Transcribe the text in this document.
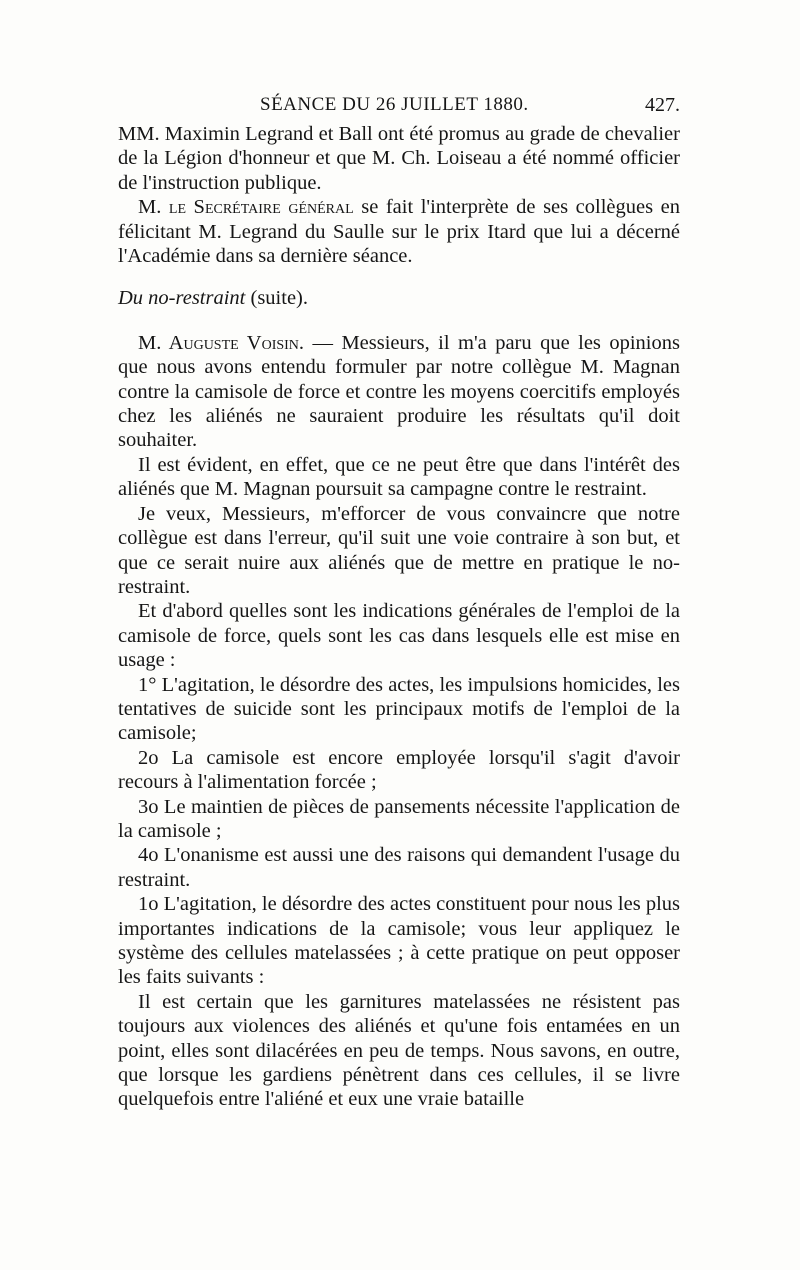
SÉANCE DU 26 JUILLET 1880.	427.

MM. Maximin Legrand et Ball ont été promus au grade de chevalier de la Légion d'honneur et que M. Ch. Loiseau a été nommé officier de l'instruction publique.

M. le Secrétaire général se fait l'interprète de ses collègues en félicitant M. Legrand du Saulle sur le prix Itard que lui a décerné l'Académie dans sa dernière séance.

Du no-restraint (suite).

M. Auguste Voisin. — Messieurs, il m'a paru que les opinions que nous avons entendu formuler par notre collègue M. Magnan contre la camisole de force et contre les moyens coercitifs employés chez les aliénés ne sauraient produire les résultats qu'il doit souhaiter.

Il est évident, en effet, que ce ne peut être que dans l'intérêt des aliénés que M. Magnan poursuit sa campagne contre le restraint.

Je veux, Messieurs, m'efforcer de vous convaincre que notre collègue est dans l'erreur, qu'il suit une voie contraire à son but, et que ce serait nuire aux aliénés que de mettre en pratique le no-restraint.

Et d'abord quelles sont les indications générales de l'emploi de la camisole de force, quels sont les cas dans lesquels elle est mise en usage :

1° L'agitation, le désordre des actes, les impulsions homicides, les tentatives de suicide sont les principaux motifs de l'emploi de la camisole;

2o La camisole est encore employée lorsqu'il s'agit d'avoir recours à l'alimentation forcée ;

3o Le maintien de pièces de pansements nécessite l'application de la camisole ;

4o L'onanisme est aussi une des raisons qui demandent l'usage du restraint.

1o L'agitation, le désordre des actes constituent pour nous les plus importantes indications de la camisole; vous leur appliquez le système des cellules matelassées ; à cette pratique on peut opposer les faits suivants :

Il est certain que les garnitures matelassées ne résistent pas toujours aux violences des aliénés et qu'une fois entamées en un point, elles sont dilacérées en peu de temps. Nous savons, en outre, que lorsque les gardiens pénètrent dans ces cellules, il se livre quelquefois entre l'aliéné et eux une vraie bataille
